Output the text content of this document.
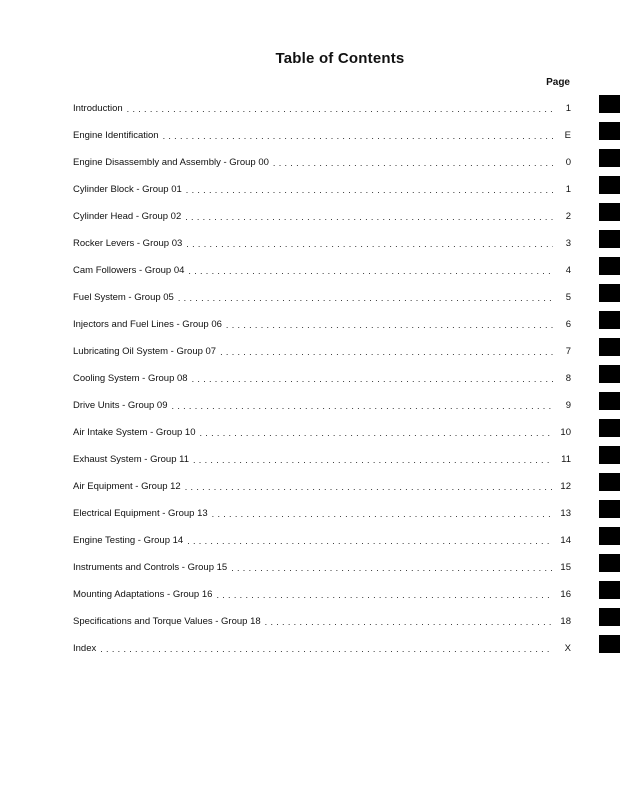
Table of Contents
Page
Introduction . . .	1
Engine Identification . . .	E
Engine Disassembly and Assembly - Group 00 . . .	0
Cylinder Block - Group 01 . . .	1
Cylinder Head - Group 02 . . .	2
Rocker Levers - Group 03 . . .	3
Cam Followers - Group 04 . . .	4
Fuel System - Group 05 . . .	5
Injectors and Fuel Lines - Group 06 . . .	6
Lubricating Oil System - Group 07 . . .	7
Cooling System - Group 08 . . .	8
Drive Units - Group 09 . . .	9
Air Intake System - Group 10 . . .	10
Exhaust System - Group 11 . . .	11
Air Equipment - Group 12 . . .	12
Electrical Equipment - Group 13 . . .	13
Engine Testing - Group 14 . . .	14
Instruments and Controls - Group 15 . . .	15
Mounting Adaptations - Group 16 . . .	16
Specifications and Torque Values - Group 18 . . .	18
Index . . .	X
